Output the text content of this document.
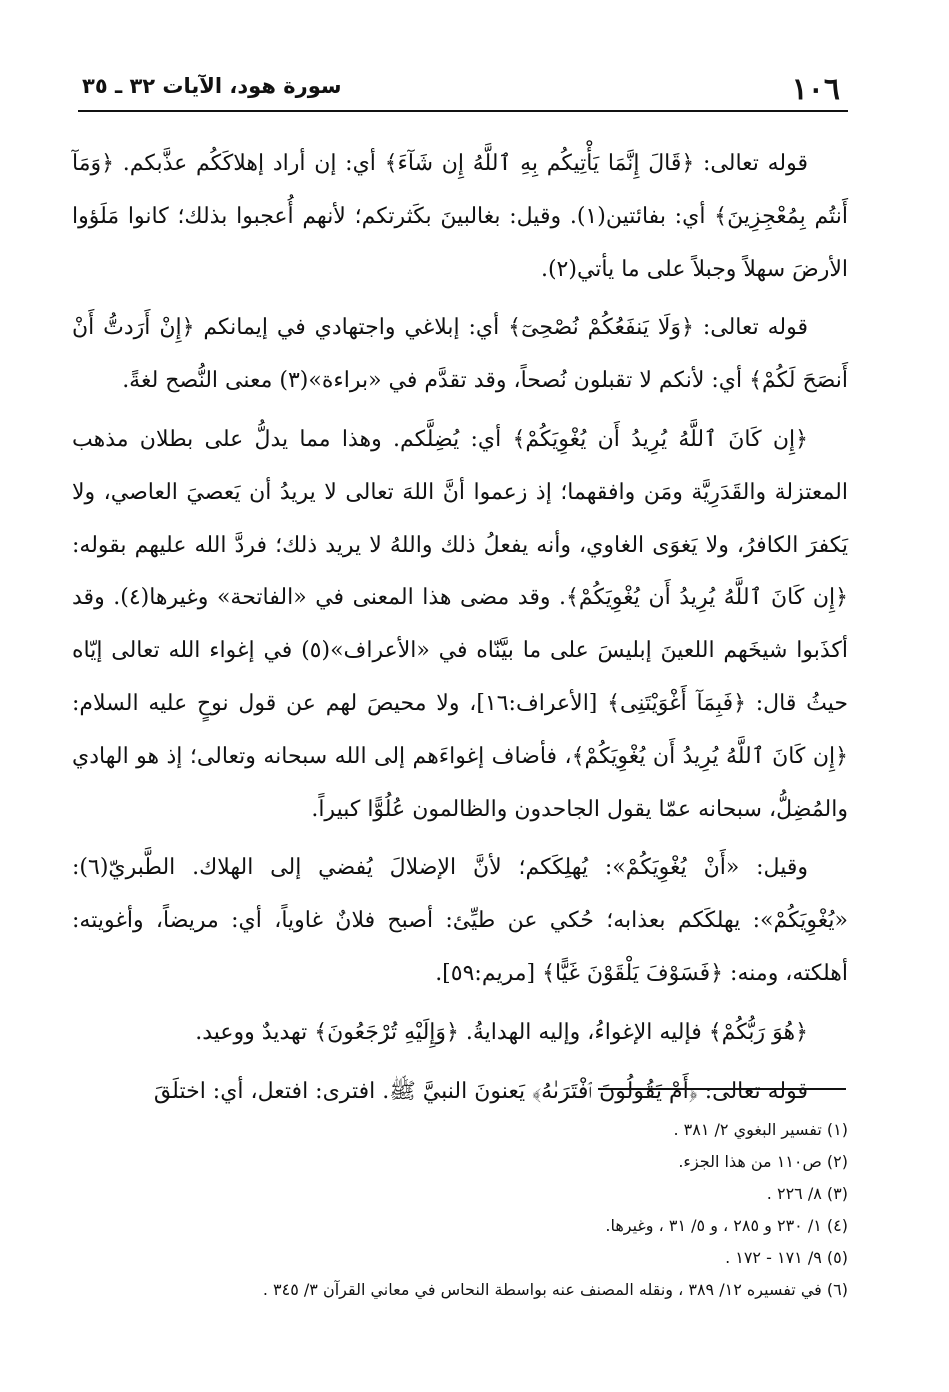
١٠٦
سورة هود، الآيات ٣٢ ـ ٣٥

قوله تعالى: ﴿قَالَ إِنَّمَا يَأْتِيكُم بِهِ ٱللَّهُ إِن شَآءَ﴾ أي: إن أراد إهلاكَكُم عذَّبكم. ﴿وَمَآ أَنتُم بِمُعْجِزِينَ﴾ أي: بفائتين(١). وقيل: بغالبينَ بكَثرتكم؛ لأنهم أُعجبوا بذلك؛ كانوا مَلَؤوا الأرضَ سهلاً وجبلاً على ما يأتي(٢).

قوله تعالى: ﴿وَلَا يَنفَعُكُمْ نُصْحِىٓ﴾ أي: إبلاغي واجتهادي في إيمانكم ﴿إِنْ أَرَدتُّ أَنْ أَنصَحَ لَكُمْ﴾ أي: لأنكم لا تقبلون نُصحاً، وقد تقدَّم في «براءة»(٣) معنى النُّصح لغةً.

﴿إِن كَانَ ٱللَّهُ يُرِيدُ أَن يُغْوِيَكُمْ﴾ أي: يُضِلَّكم. وهذا مما يدلُّ على بطلان مذهب المعتزلة والقَدَرِيَّة ومَن وافقهما؛ إذ زعموا أنَّ اللهَ تعالى لا يريدُ أن يَعصيَ العاصي، ولا يَكفرَ الكافرُ، ولا يَغوَى الغاوي، وأنه يفعلُ ذلك واللهُ لا يريد ذلك؛ فردَّ الله عليهم بقوله: ﴿إِن كَانَ ٱللَّهُ يُرِيدُ أَن يُغْوِيَكُمْ﴾. وقد مضى هذا المعنى في «الفاتحة» وغيرها(٤). وقد أكذَبوا شيخَهم اللعينَ إبليسَ على ما بيَّنّاه في «الأعراف»(٥) في إغواء الله تعالى إيّاه حيثُ قال: ﴿فَبِمَآ أَغْوَيْتَنِى﴾ [الأعراف:١٦]، ولا محيصَ لهم عن قول نوحٍ عليه السلام: ﴿إِن كَانَ ٱللَّهُ يُرِيدُ أَن يُغْوِيَكُمْ﴾، فأضاف إغواءَهم إلى الله سبحانه وتعالى؛ إذ هو الهادي والمُضِلُّ، سبحانه عمّا يقول الجاحدون والظالمون عُلُوًّا كبيراً.

وقيل: «أَنْ يُغْوِيَكُمْ»: يُهلِكَكم؛ لأنَّ الإضلالَ يُفضي إلى الهلاك. الطَّبريّ(٦): «يُغْوِيَكُمْ»: يهلكَكم بعذابه؛ حُكي عن طيِّئ: أصبح فلانٌ غاوياً، أي: مريضاً، وأغويته: أهلكته، ومنه: ﴿فَسَوْفَ يَلْقَوْنَ غَيًّا﴾ [مريم:٥٩].

﴿هُوَ رَبُّكُمْ﴾ فإليه الإغواءُ، وإليه الهدايةُ. ﴿وَإِلَيْهِ تُرْجَعُونَ﴾ تهديدٌ ووعيد.

قوله تعالى: ﴿أَمْ يَقُولُونَ ٱفْتَرَىٰهُ﴾ يَعنونَ النبيَّ ﷺ. افترى: افتعل، أي: اختلَقَ

(١) تفسير البغوي ٢/ ٣٨١ .
(٢) ص١١٠ من هذا الجزء.
(٣) ٨/ ٢٢٦ .
(٤) ١/ ٢٣٠ و ٢٨٥ ، و ٥/ ٣١ ، وغيرها.
(٥) ٩/ ١٧١ - ١٧٢ .
(٦) في تفسيره ١٢/ ٣٨٩ ، ونقله المصنف عنه بواسطة النحاس في معاني القرآن ٣/ ٣٤٥ .
